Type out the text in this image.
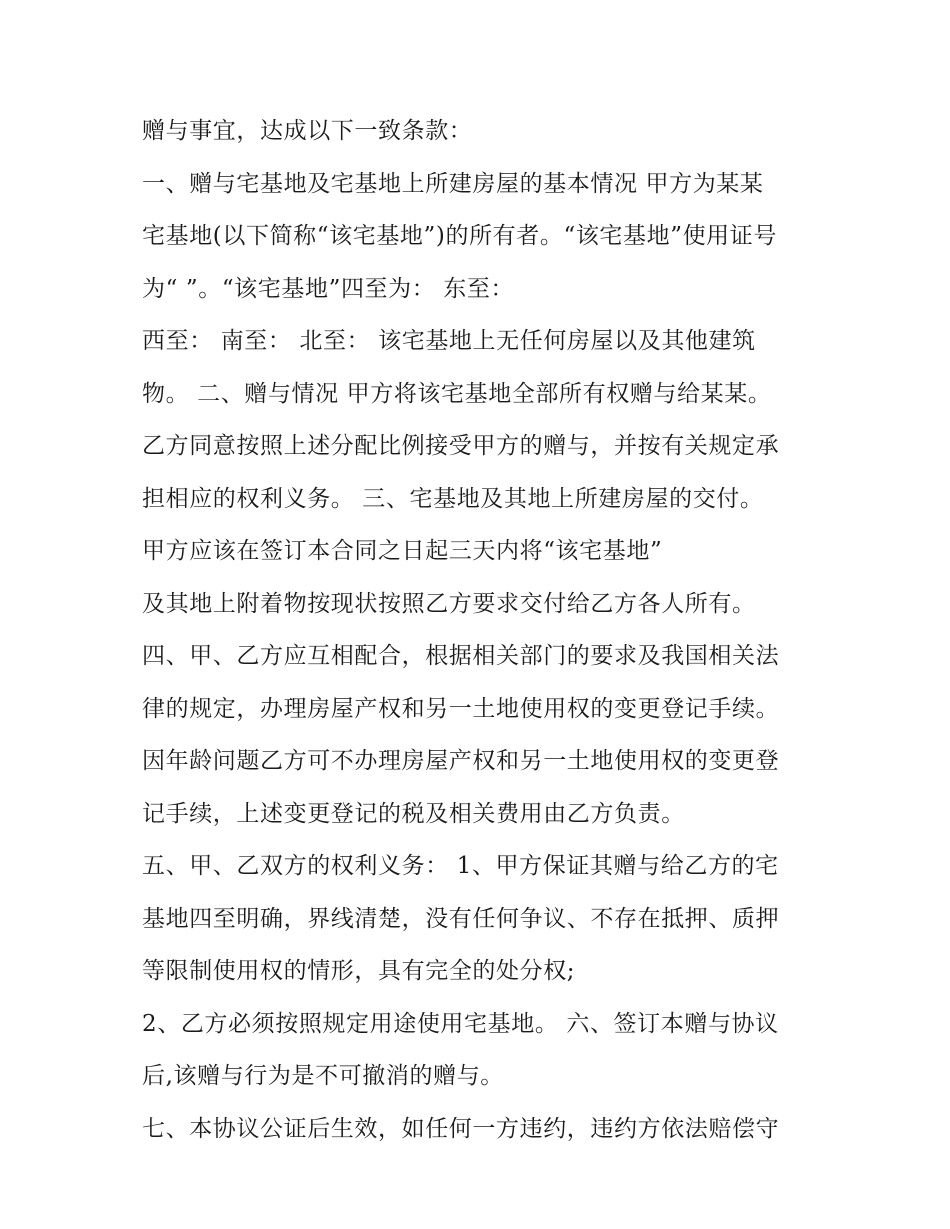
赠与事宜，达成以下一致条款：
一、赠与宅基地及宅基地上所建房屋的基本情况 甲方为某某
宅基地(以下简称“该宅基地”)的所有者。“该宅基地”使用证号
为“ ”。“该宅基地”四至为： 东至：
西至： 南至： 北至： 该宅基地上无任何房屋以及其他建筑
物。 二、赠与情况 甲方将该宅基地全部所有权赠与给某某。
乙方同意按照上述分配比例接受甲方的赠与，并按有关规定承
担相应的权利义务。 三、宅基地及其地上所建房屋的交付。
甲方应该在签订本合同之日起三天内将“该宅基地”
及其地上附着物按现状按照乙方要求交付给乙方各人所有。
四、甲、乙方应互相配合，根据相关部门的要求及我国相关法
律的规定，办理房屋产权和另一土地使用权的变更登记手续。
因年龄问题乙方可不办理房屋产权和另一土地使用权的变更登
记手续，上述变更登记的税及相关费用由乙方负责。
五、甲、乙双方的权利义务： 1、甲方保证其赠与给乙方的宅
基地四至明确，界线清楚，没有任何争议、不存在抵押、质押
等限制使用权的情形，具有完全的处分权;
2、乙方必须按照规定用途使用宅基地。 六、签订本赠与协议
后,该赠与行为是不可撤消的赠与。
七、本协议公证后生效，如任何一方违约，违约方依法赔偿守
